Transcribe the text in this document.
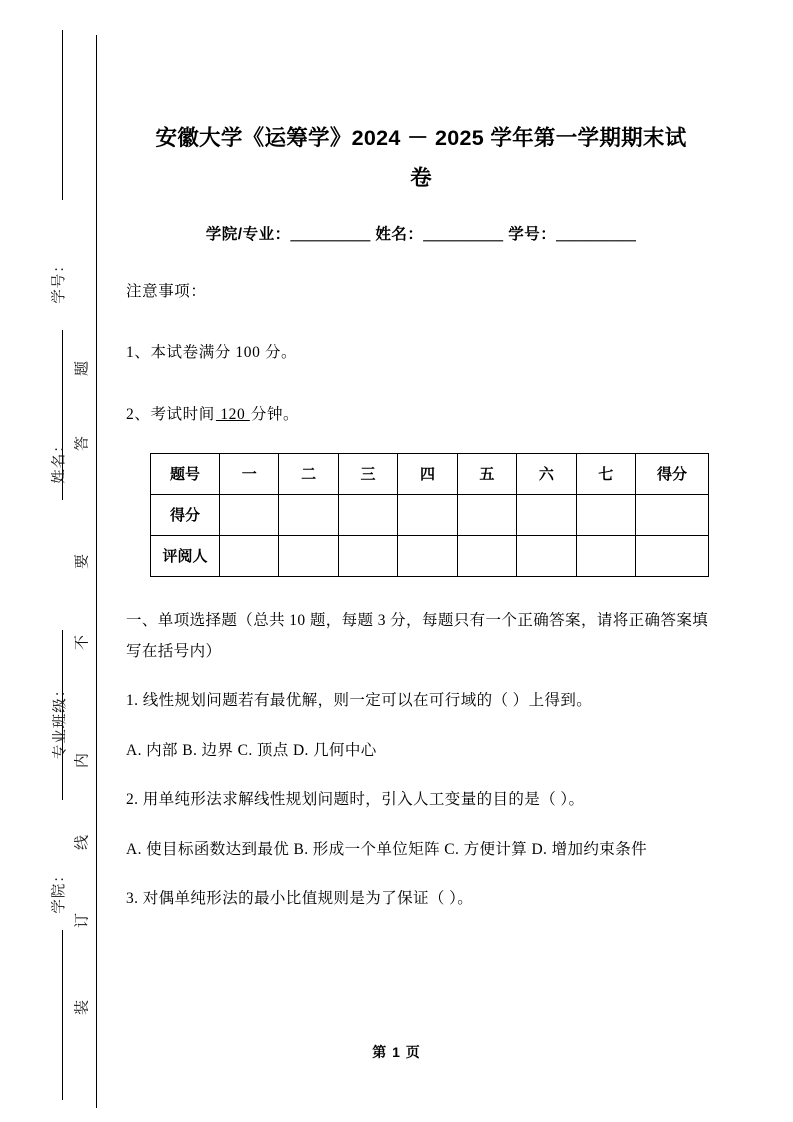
学号：
姓名：
专业班级：
学院：
题
答
要
不
内
线
订
装
安徽大学《运筹学》2024 － 2025 学年第一学期期末试
卷
学院/专业：＿＿＿＿＿ 姓名：＿＿＿＿＿ 学号：＿＿＿＿＿
注意事项：
1、本试卷满分 100 分。
2、考试时间 120 分钟。
题号	一	二	三	四	五	六	七	得分
得分								
评阅人								
一、单项选择题（总共 10 题，每题 3 分，每题只有一个正确答案，请将正确答案填写在括号内）
1. 线性规划问题若有最优解，则一定可以在可行域的（ ）上得到。
A. 内部 B. 边界 C. 顶点 D. 几何中心
2. 用单纯形法求解线性规划问题时，引入人工变量的目的是（ ）。
A. 使目标函数达到最优 B. 形成一个单位矩阵 C. 方便计算 D. 增加约束条件
3. 对偶单纯形法的最小比值规则是为了保证（ ）。
第 1 页
